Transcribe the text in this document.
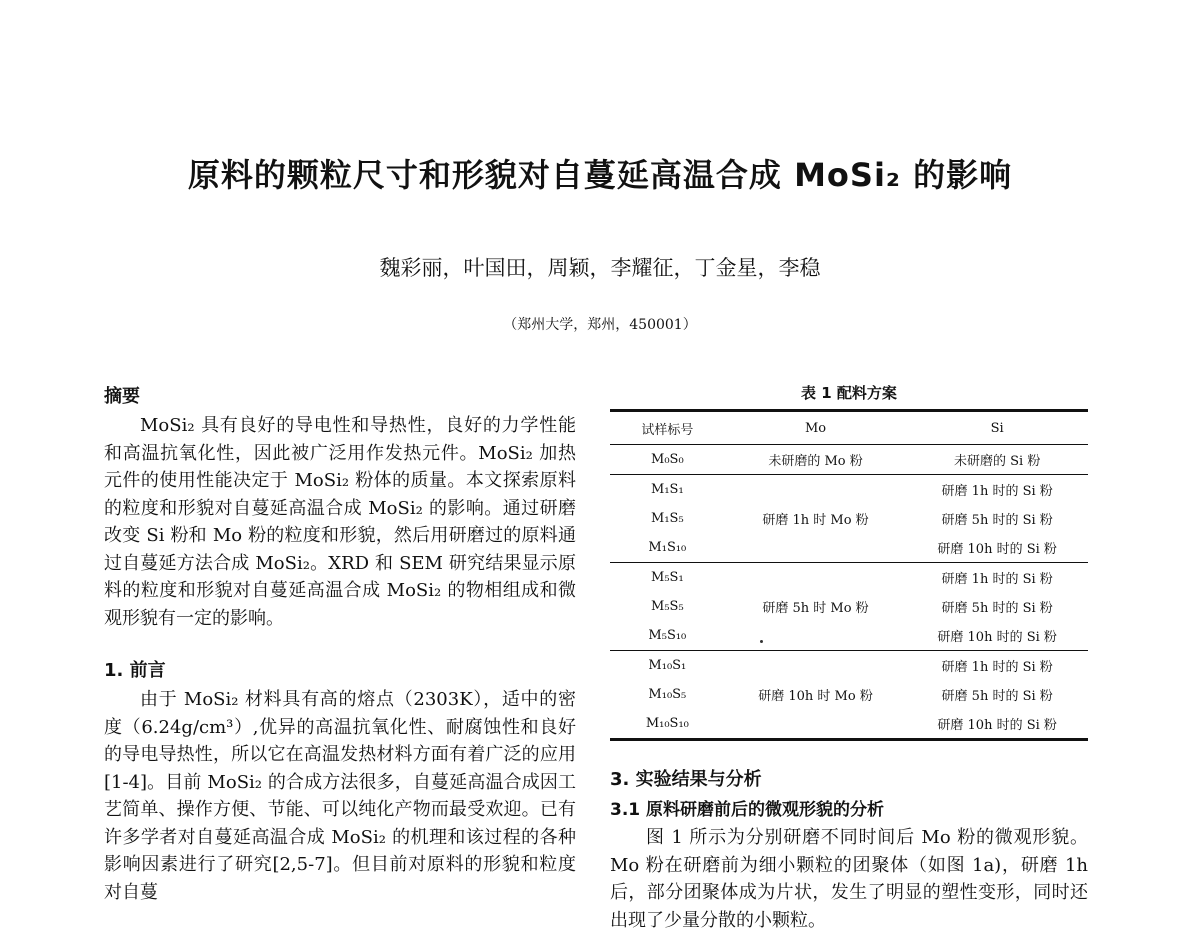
原料的颗粒尺寸和形貌对自蔓延高温合成 MoSi₂ 的影响
魏彩丽，叶国田，周颖，李耀征，丁金星，李稳
（郑州大学，郑州，450001）
摘要

MoSi₂ 具有良好的导电性和导热性，良好的力学性能和高温抗氧化性，因此被广泛用作发热元件。MoSi₂ 加热元件的使用性能决定于 MoSi₂ 粉体的质量。本文探索原料的粒度和形貌对自蔓延高温合成 MoSi₂ 的影响。通过研磨改变 Si 粉和 Mo 粉的粒度和形貌，然后用研磨过的原料通过自蔓延方法合成 MoSi₂。XRD 和 SEM 研究结果显示原料的粒度和形貌对自蔓延高温合成 MoSi₂ 的物相组成和微观形貌有一定的影响。

1. 前言

由于 MoSi₂ 材料具有高的熔点（2303K），适中的密度（6.24g/cm³）,优异的高温抗氧化性、耐腐蚀性和良好的导电导热性，所以它在高温发热材料方面有着广泛的应用[1-4]。目前 MoSi₂ 的合成方法很多，自蔓延高温合成因工艺简单、操作方便、节能、可以纯化产物而最受欢迎。已有许多学者对自蔓延高温合成 MoSi₂ 的机理和该过程的各种影响因素进行了研究[2,5-7]。但目前对原料的形貌和粒度对自蔓

表 1 配料方案
试样标号	Mo	Si
M₀S₀	未研磨的 Mo 粉	未研磨的 Si 粉
M₁S₁		研磨 1h 时的 Si 粉
M₁S₅	研磨 1h 时 Mo 粉	研磨 5h 时的 Si 粉
M₁S₁₀		研磨 10h 时的 Si 粉
M₅S₁		研磨 1h 时的 Si 粉
M₅S₅	研磨 5h 时 Mo 粉	研磨 5h 时的 Si 粉
M₅S₁₀		研磨 10h 时的 Si 粉
M₁₀S₁		研磨 1h 时的 Si 粉
M₁₀S₅	研磨 10h 时 Mo 粉	研磨 5h 时的 Si 粉
M₁₀S₁₀		研磨 10h 时的 Si 粉
3. 实验结果与分析
3.1 原料研磨前后的微观形貌的分析

图 1 所示为分别研磨不同时间后 Mo 粉的微观形貌。Mo 粉在研磨前为细小颗粒的团聚体（如图 1a)，研磨 1h 后，部分团聚体成为片状，发生了明显的塑性变形，同时还出现了少量分散的小颗粒。
